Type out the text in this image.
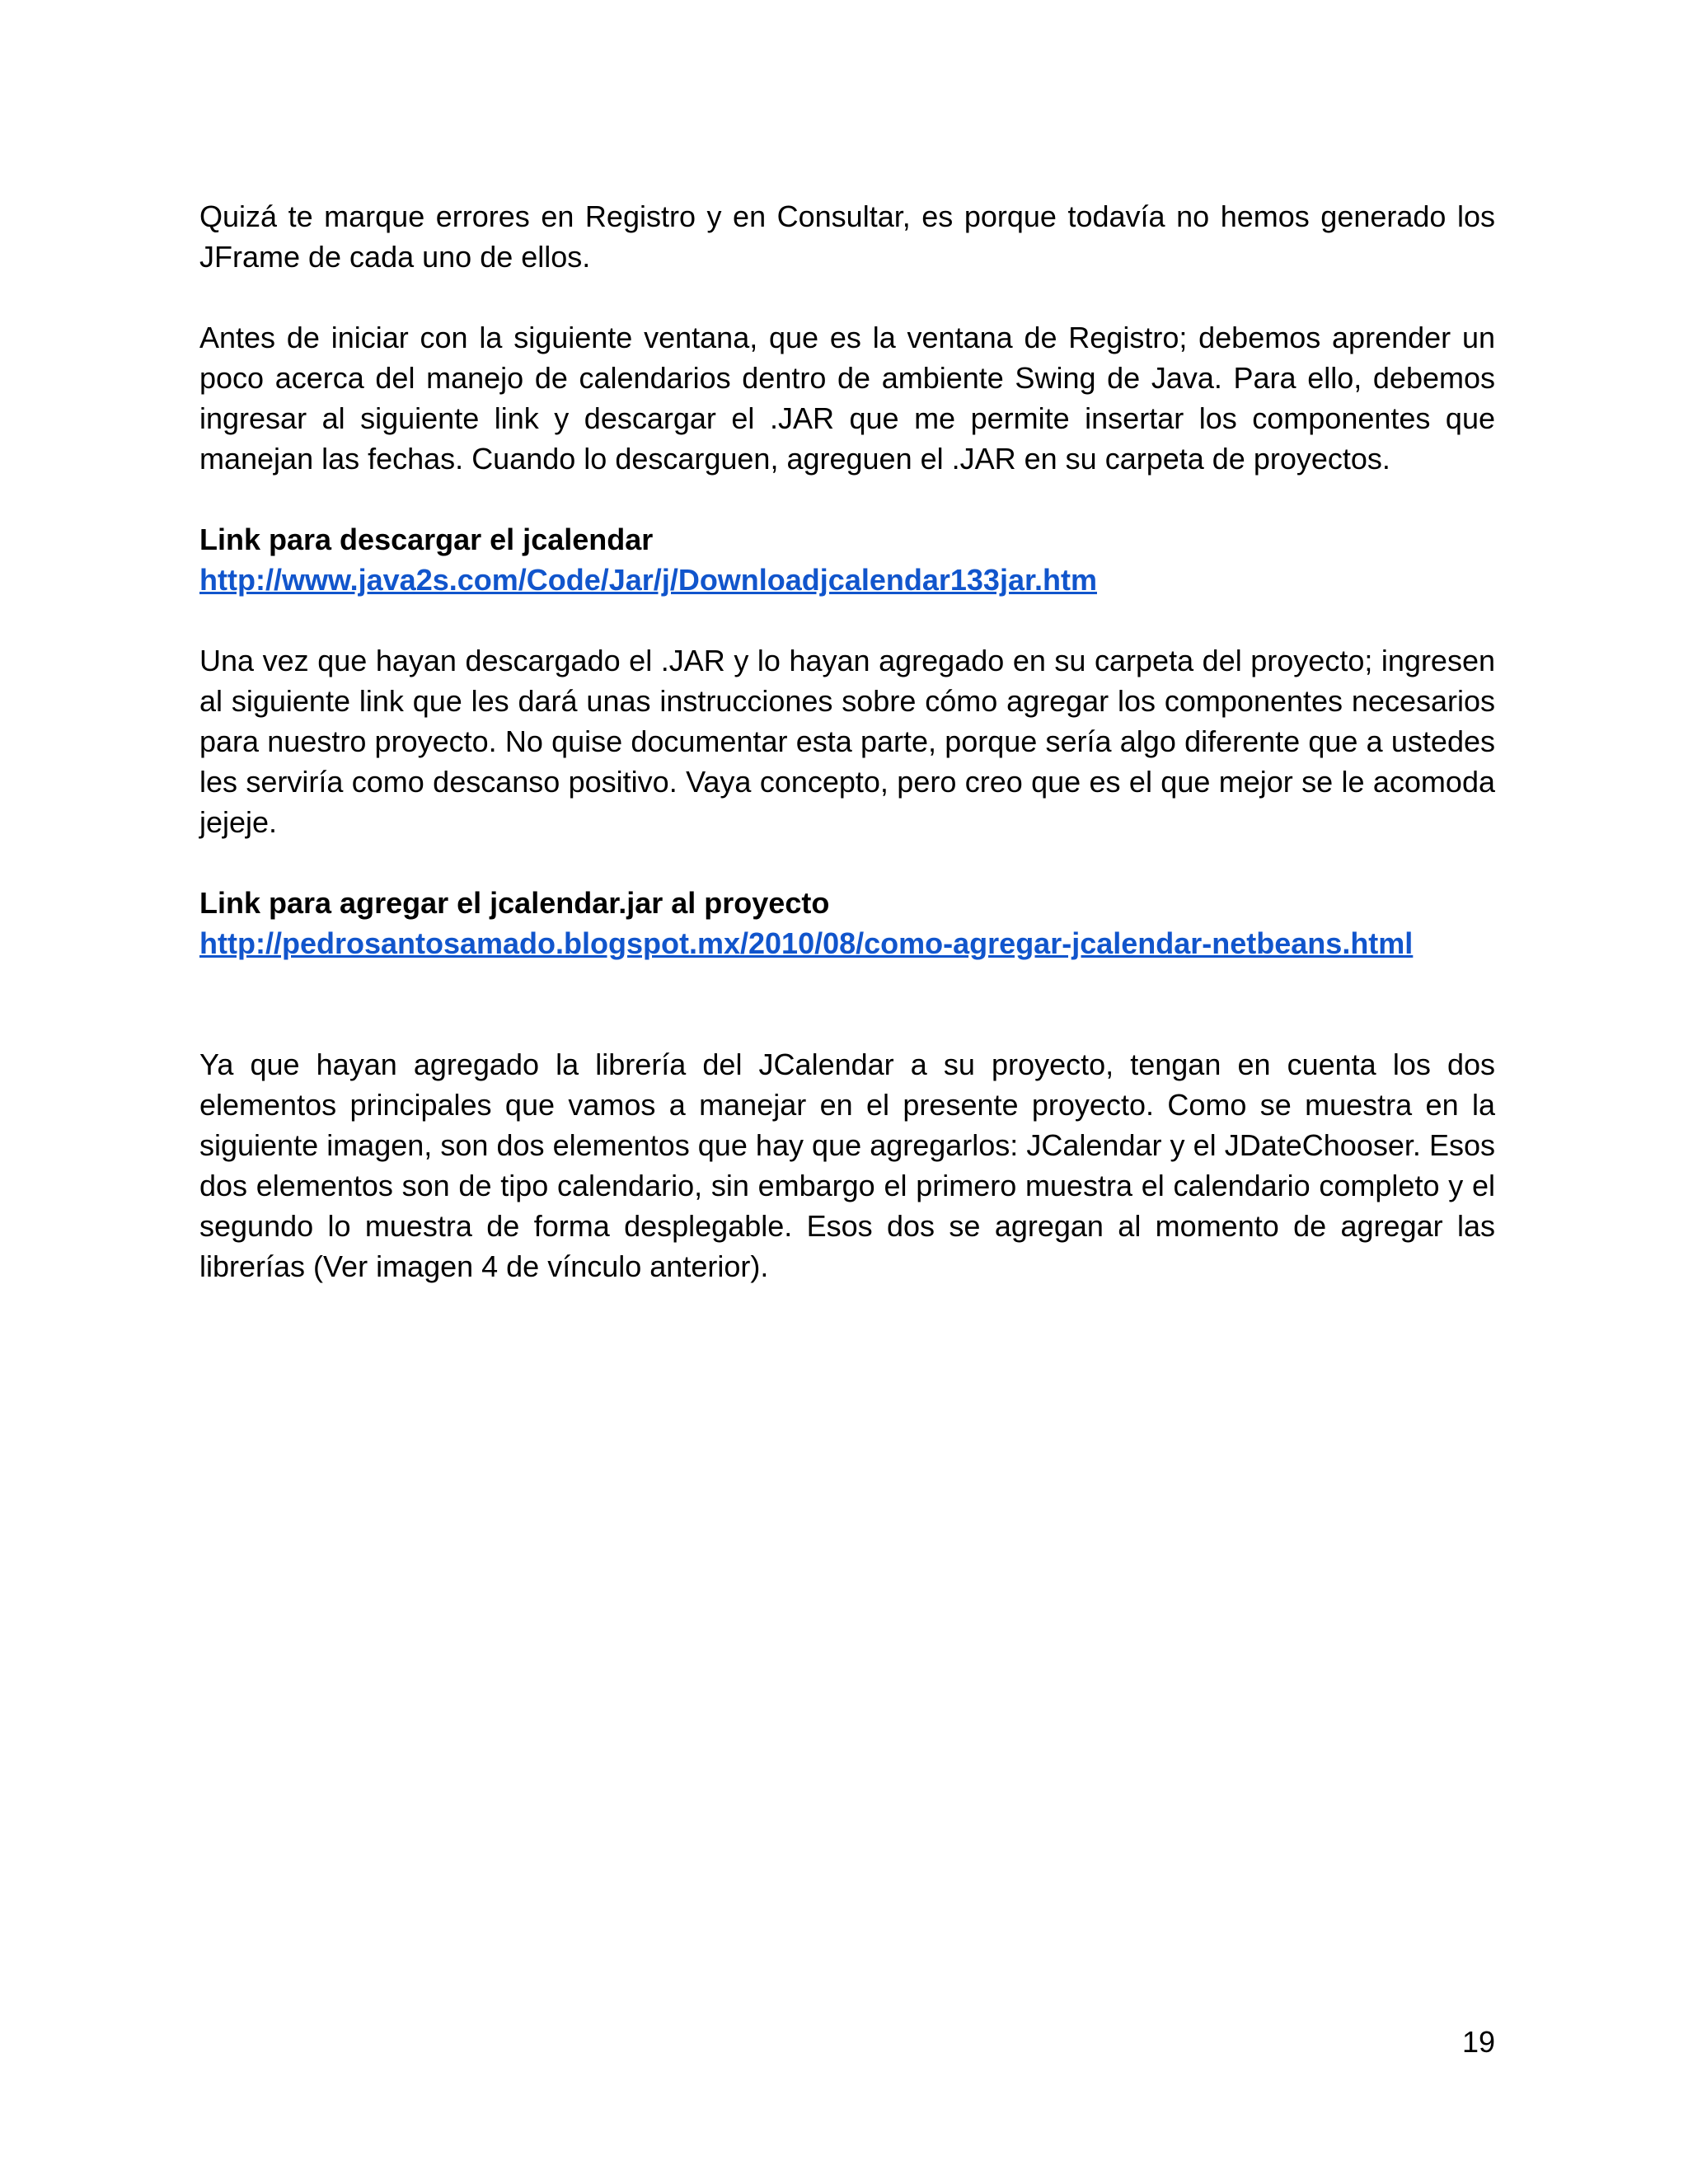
Quizá te marque errores en Registro y en Consultar, es porque todavía no hemos generado los JFrame de cada uno de ellos.

Antes de iniciar con la siguiente ventana, que es la ventana de Registro; debemos aprender un poco acerca del manejo de calendarios dentro de ambiente Swing de Java. Para ello, debemos ingresar al siguiente link y descargar el .JAR que me permite insertar los componentes que manejan las fechas. Cuando lo descarguen, agreguen el .JAR en su carpeta de proyectos.

Link para descargar el jcalendar

http://www.java2s.com/Code/Jar/j/Downloadjcalendar133jar.htm

Una vez que hayan descargado el .JAR y lo hayan agregado en su carpeta del proyecto; ingresen al siguiente link que les dará unas instrucciones sobre cómo agregar los componentes necesarios para nuestro proyecto. No quise documentar esta parte, porque sería algo diferente que a ustedes les serviría como descanso positivo. Vaya concepto, pero creo que es el que mejor se le acomoda jejeje.

Link para agregar el jcalendar.jar al proyecto

http://pedrosantosamado.blogspot.mx/2010/08/como-agregar-jcalendar-netbeans.html

Ya que hayan agregado la librería del JCalendar a su proyecto, tengan en cuenta los dos elementos principales que vamos a manejar en el presente proyecto. Como se muestra en la siguiente imagen, son dos elementos que hay que agregarlos: JCalendar y el JDateChooser. Esos dos elementos son de tipo calendario, sin embargo el primero muestra el calendario completo y el segundo lo muestra de forma desplegable. Esos dos se agregan al momento de agregar las librerías (Ver imagen 4 de vínculo anterior).

19
